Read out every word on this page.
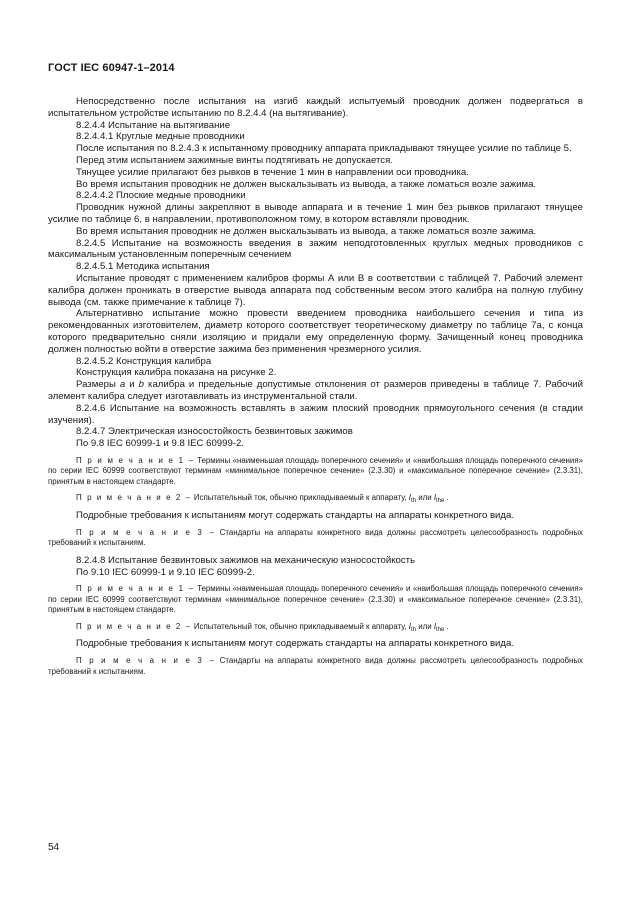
ГОСТ IEC 60947-1–2014

Непосредственно после испытания на изгиб каждый испытуемый проводник должен подвергаться в испытательном устройстве испытанию по 8.2.4.4 (на вытягивание).

8.2.4.4 Испытание на вытягивание

8.2.4.4.1 Круглые медные проводники

После испытания по 8.2.4.3 к испытанному проводнику аппарата прикладывают тянущее усилие по таблице 5.

Перед этим испытанием зажимные винты подтягивать не допускается.

Тянущее усилие прилагают без рывков в течение 1 мин в направлении оси проводника.

Во время испытания проводник не должен выскальзывать из вывода, а также ломаться возле зажима.

8.2.4.4.2 Плоские медные проводники

Проводник нужной длины закрепляют в выводе аппарата и в течение 1 мин без рывков прилагают тянущее усилие по таблице 6, в направлении, противоположном тому, в котором вставляли проводник.

Во время испытания проводник не должен выскальзывать из вывода, а также ломаться возле зажима.

8.2.4.5 Испытание на возможность введения в зажим неподготовленных круглых медных проводников с максимальным установленным поперечным сечением

8.2.4.5.1 Методика испытания

Испытание проводят с применением калибров формы А или В в соответствии с таблицей 7. Рабочий элемент калибра должен проникать в отверстие вывода аппарата под собственным весом этого калибра на полную глубину вывода (см. также примечание к таблице 7).

Альтернативно испытание можно провести введением проводника наибольшего сечения и типа из рекомендованных изготовителем, диаметр которого соответствует теоретическому диаметру по таблице 7а, с конца которого предварительно сняли изоляцию и придали ему определенную форму. Зачищенный конец проводника должен полностью войти в отверстие зажима без применения чрезмерного усилия.

8.2.4.5.2 Конструкция калибра

Конструкция калибра показана на рисунке 2.

Размеры a и b калибра и предельные допустимые отклонения от размеров приведены в таблице 7. Рабочий элемент калибра следует изготавливать из инструментальной стали.

8.2.4.6 Испытание на возможность вставлять в зажим плоский проводник прямоугольного сечения (в стадии изучения).

8.2.4.7 Электрическая износостойкость безвинтовых зажимов

По 9.8 IEC 60999-1 и 9.8 IEC 60999-2.

П р и м е ч а н и е 1 – Термины «наименьшая площадь поперечного сечения» и «наибольшая площадь поперечного сечения» по серии IEC 60999 соответствуют терминам «минимальное поперечное сечение» (2.3.30) и «максимальное поперечное сечение» (2.3.31), принятым в настоящем стандарте.

П р и м е ч а н и е 2 – Испытательный ток, обычно прикладываемый к аппарату, $I_{th}$ или $I_{the}$ .

Подробные требования к испытаниям могут содержать стандарты на аппараты конкретного вида.

П р и м е ч а н и е 3 – Стандарты на аппараты конкретного вида должны рассмотреть целесообразность подробных требований к испытаниям.

8.2.4.8 Испытание безвинтовых зажимов на механическую износостойкость

По 9.10 IEC 60999-1 и 9.10 IEC 60999-2.

П р и м е ч а н и е 1 – Термины «наименьшая площадь поперечного сечения» и «наибольшая площадь поперечного сечения» по серии IEC 60999 соответствуют терминам «минимальное поперечное сечение» (2.3.30) и «максимальное поперечное сечение» (2.3.31), принятым в настоящем стандарте.

П р и м е ч а н и е 2 – Испытательный ток, обычно прикладываемый к аппарату, $I_{th}$ или $I_{the}$ .

Подробные требования к испытаниям могут содержать стандарты на аппараты конкретного вида.

П р и м е ч а н и е 3 – Стандарты на аппараты конкретного вида должны рассмотреть целесообразность подробных требований к испытаниям.

54
